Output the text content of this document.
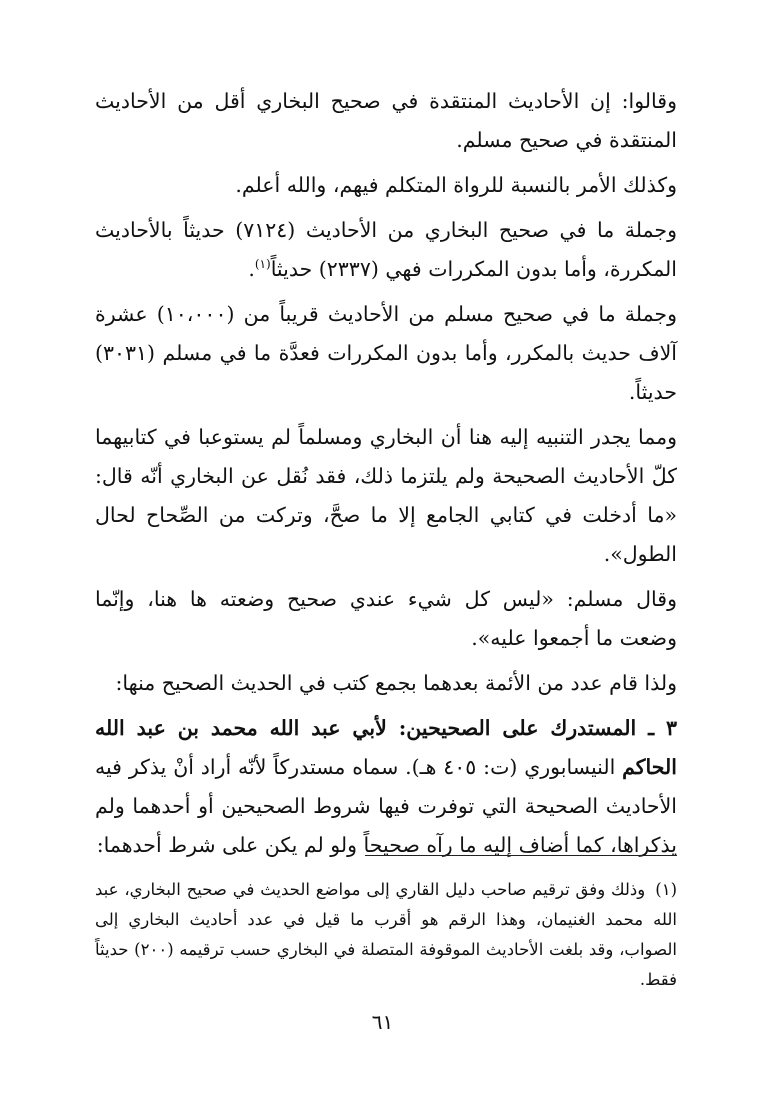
وقالوا: إن الأحاديث المنتقدة في صحيح البخاري أقل من الأحاديث المنتقدة في صحيح مسلم.

وكذلك الأمر بالنسبة للرواة المتكلم فيهم، والله أعلم.

وجملة ما في صحيح البخاري من الأحاديث (٧١٢٤) حديثاً بالأحاديث المكررة، وأما بدون المكررات فهي (٢٣٣٧) حديثاً$^{(١)}$.

وجملة ما في صحيح مسلم من الأحاديث قريباً من (١٠،٠٠٠) عشرة آلاف حديث بالمكرر، وأما بدون المكررات فعدَّة ما في مسلم (٣٠٣١) حديثاً.

ومما يجدر التنبيه إليه هنا أن البخاري ومسلماً لم يستوعبا في كتابيهما كلّ الأحاديث الصحيحة ولم يلتزما ذلك، فقد نُقل عن البخاري أنّه قال: «ما أدخلت في كتابي الجامع إلا ما صحَّ، وتركت من الصِّحاح لحال الطول».

وقال مسلم: «ليس كل شيء عندي صحيح وضعته ها هنا، وإنّما وضعت ما أجمعوا عليه».

ولذا قام عدد من الأئمة بعدهما بجمع كتب في الحديث الصحيح منها:

٣ ـ المستدرك على الصحيحين: لأبي عبد الله محمد بن عبد الله الحاكم النيسابوري (ت: ٤٠٥ هـ). سماه مستدركاً لأنّه أراد أنْ يذكر فيه الأحاديث الصحيحة التي توفرت فيها شروط الصحيحين أو أحدهما ولم يذكراها، كما أضاف إليه ما رآه صحيحاً ولو لم يكن على شرط أحدهما:

(١)وذلك وفق ترقيم صاحب دليل القاري إلى مواضع الحديث في صحيح البخاري، عبد الله محمد الغنيمان، وهذا الرقم هو أقرب ما قيل في عدد أحاديث البخاري إلى الصواب، وقد بلغت الأحاديث الموقوفة المتصلة في البخاري حسب ترقيمه (٢٠٠) حديثاً فقط.
٦١
